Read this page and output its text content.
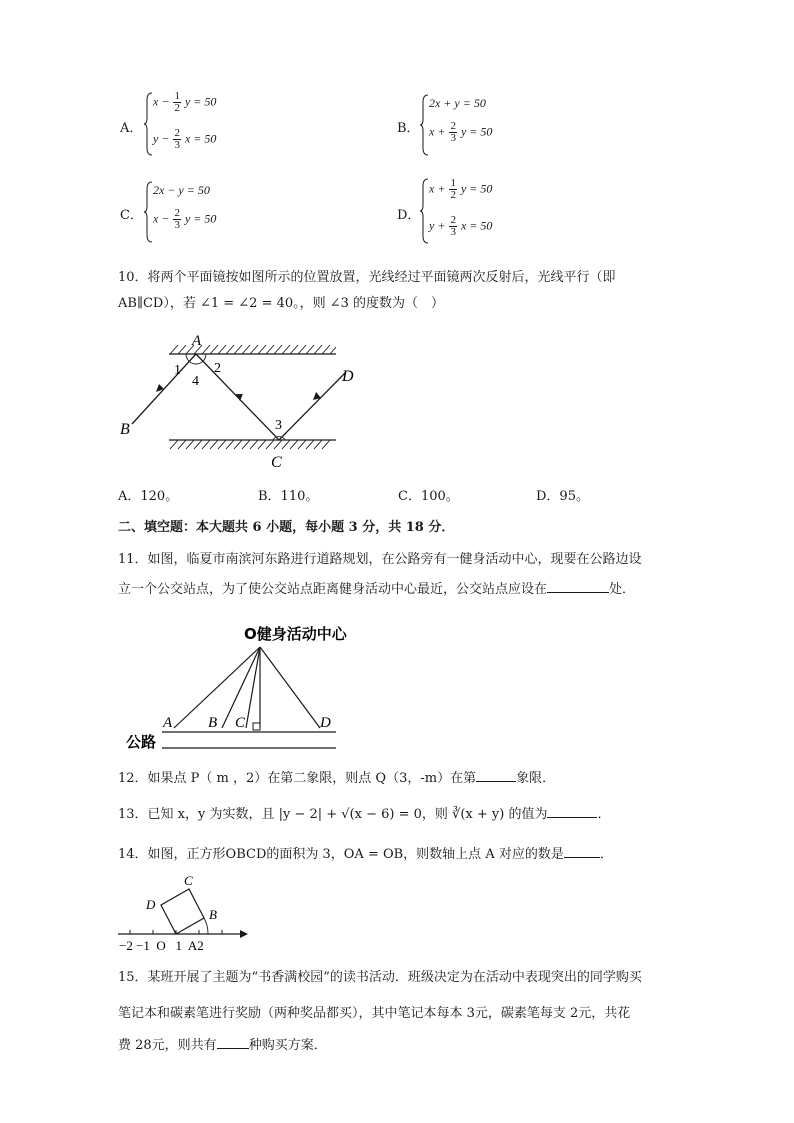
A．
$x - \frac{1}{2}$ y = 50
$y - \frac{2}{3}$ x = 50
B．
2x + y = 50
$x + \frac{2}{3}$ y = 50
C．
2x − y = 50
$x - \frac{2}{3}$ y = 50	D．
$x + \frac{1}{2}$ y = 50
$y + \frac{2}{3}$ x = 50
10．将两个平面镜按如图所示的位置放置，光线经过平面镜两次反射后，光线平行（即
AB∥CD），若 ∠1 = ∠2 = 40。，则 ∠3 的度数为（　）
A
1 2
4
3
B
C
D
A．120。	B．110。	C．100。	D．95。
二、填空题：本大题共 6 小题，每小题 3 分，共 18 分．
11．如图，临夏市南滨河东路进行道路规划，在公路旁有一健身活动中心，现要在公路边设
立一个公交站点，为了使公交站点距离健身活动中心最近，公交站点应设在	处．
O健身活动中心
A B C	D
公路
12．如果点 P（ m ，2）在第二象限，则点 Q（3，-m）在第	象限．
13．已知 x，y 为实数，且 |y − 2| + √(x − 6) = 0，则 ∛(x + y) 的值为	．
14．如图，正方形OBCD的面积为 3，OA = OB，则数轴上点 A 对应的数是	．
C
D
B
−2 −1  O   1  A2
15．某班开展了主题为“书香满校园”的读书活动．班级决定为在活动中表现突出的同学购买
笔记本和碳素笔进行奖励（两种奖品都买），其中笔记本每本 3元，碳素笔每支 2元，共花
费 28元，则共有 种购买方案．
